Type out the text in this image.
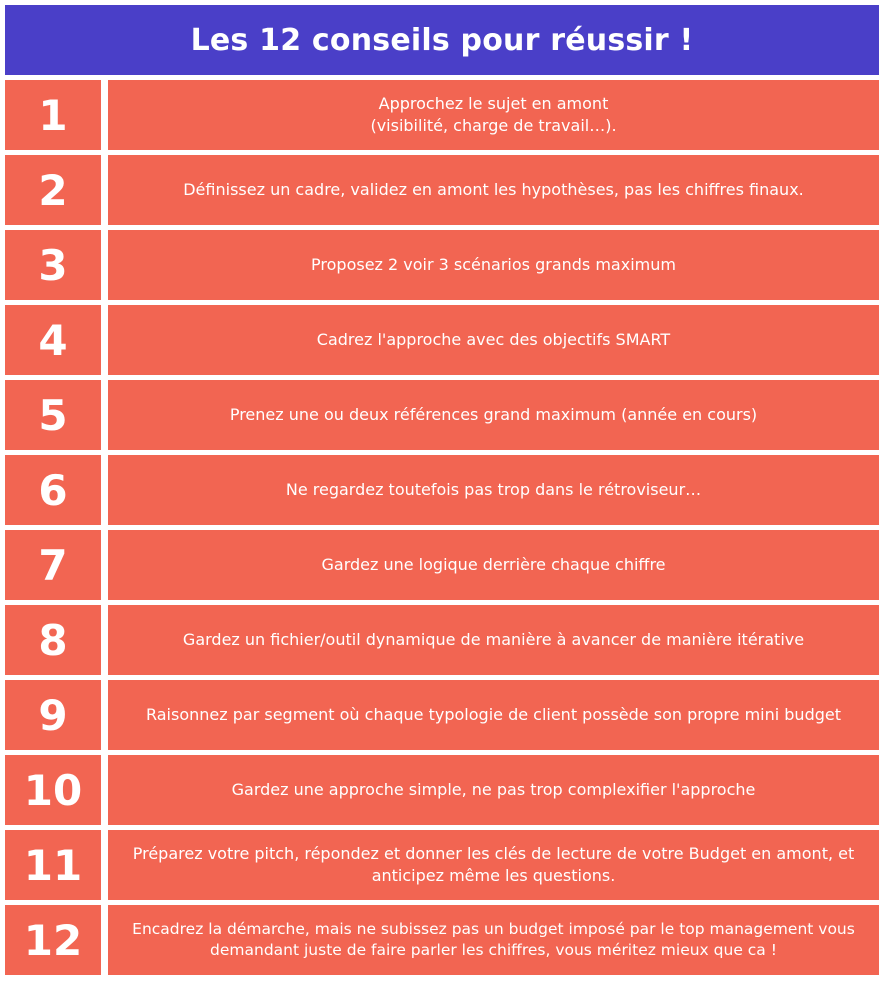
Les 12 conseils pour réussir !
1	Approchez le sujet en amont
(visibilité, charge de travail…).
2	Définissez un cadre, validez en amont les hypothèses, pas les chiffres finaux.
3	Proposez 2 voir 3 scénarios grands maximum
4	Cadrez l'approche avec des objectifs SMART
5	Prenez une ou deux références grand maximum (année en cours)
6	Ne regardez toutefois pas trop dans le rétroviseur…
7	Gardez une logique derrière chaque chiffre
8	Gardez un fichier/outil dynamique de manière à avancer de manière itérative
9	Raisonnez par segment où chaque typologie de client possède son propre mini budget
10	Gardez une approche simple, ne pas trop complexifier l'approche
11	Préparez votre pitch, répondez et donner les clés de lecture de votre Budget en amont, et anticipez même les questions.
12	Encadrez la démarche, mais ne subissez pas un budget imposé par le top management vous demandant juste de faire parler les chiffres, vous méritez mieux que ca !
